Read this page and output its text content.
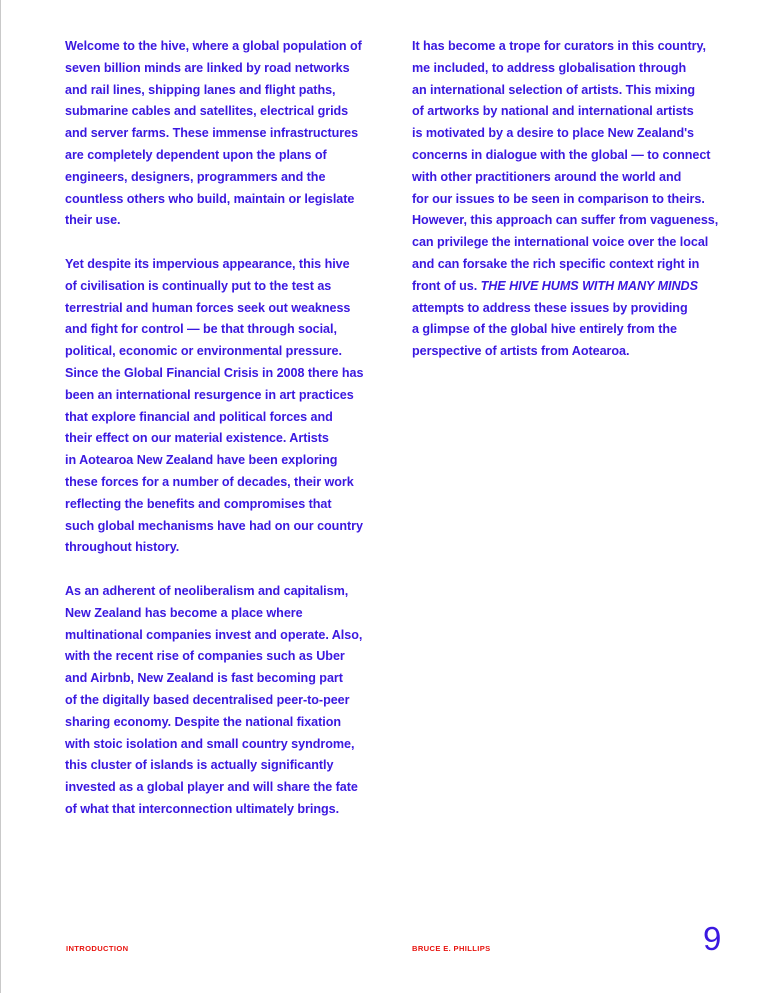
Welcome to the hive, where a global population of
seven billion minds are linked by road networks
and rail lines, shipping lanes and flight paths,
submarine cables and satellites, electrical grids
and server farms. These immense infrastructures
are completely dependent upon the plans of
engineers, designers, programmers and the
countless others who build, maintain or legislate
their use.

Yet despite its impervious appearance, this hive
of civilisation is continually put to the test as
terrestrial and human forces seek out weakness
and fight for control — be that through social,
political, economic or environmental pressure.
Since the Global Financial Crisis in 2008 there has
been an international resurgence in art practices
that explore financial and political forces and
their effect on our material existence. Artists
in Aotearoa New Zealand have been exploring
these forces for a number of decades, their work
reflecting the benefits and compromises that
such global mechanisms have had on our country
throughout history.

As an adherent of neoliberalism and capitalism,
New Zealand has become a place where
multinational companies invest and operate. Also,
with the recent rise of companies such as Uber
and Airbnb, New Zealand is fast becoming part
of the digitally based decentralised peer-to-peer
sharing economy. Despite the national fixation
with stoic isolation and small country syndrome,
this cluster of islands is actually significantly
invested as a global player and will share the fate
of what that interconnection ultimately brings.

It has become a trope for curators in this country,
me included, to address globalisation through
an international selection of artists. This mixing
of artworks by national and international artists
is motivated by a desire to place New Zealand's
concerns in dialogue with the global — to connect
with other practitioners around the world and
for our issues to be seen in comparison to theirs.
However, this approach can suffer from vagueness,
can privilege the international voice over the local
and can forsake the rich specific context right in
front of us. THE HIVE HUMS WITH MANY MINDS
attempts to address these issues by providing
a glimpse of the global hive entirely from the
perspective of artists from Aotearoa.

INTRODUCTION	BRUCE E. PHILLIPS	9
